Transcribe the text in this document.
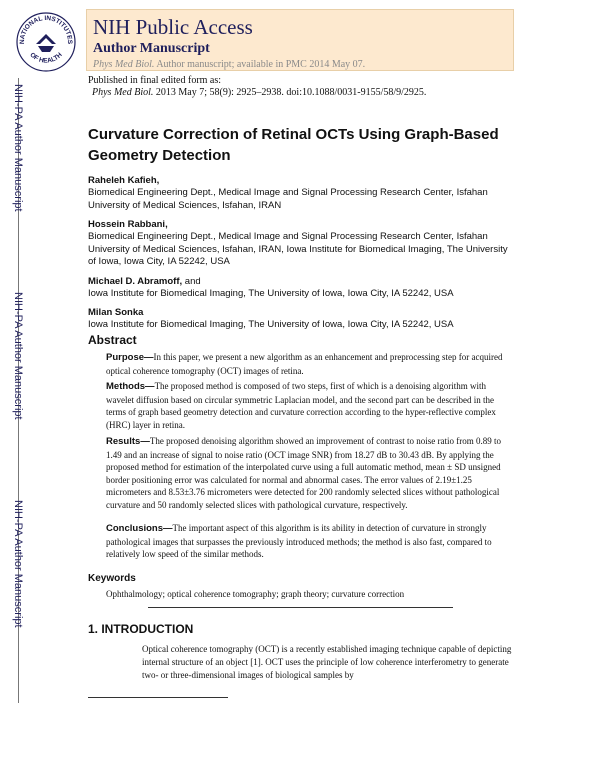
NATIONAL INSTITUTES
OF HEALTH
NIH Public Access
Author Manuscript
Phys Med Biol. Author manuscript; available in PMC 2014 May 07.
NIH-PA Author Manuscript
NIH-PA Author Manuscript
NIH-PA Author Manuscript
Published in final edited form as:
Phys Med Biol. 2013 May 7; 58(9): 2925–2938. doi:10.1088/0031-9155/58/9/2925.
Curvature Correction of Retinal OCTs Using Graph-Based Geometry Detection
Raheleh Kafieh,
Biomedical Engineering Dept., Medical Image and Signal Processing Research Center, Isfahan University of Medical Sciences, Isfahan, IRAN
Hossein Rabbani,
Biomedical Engineering Dept., Medical Image and Signal Processing Research Center, Isfahan University of Medical Sciences, Isfahan, IRAN, Iowa Institute for Biomedical Imaging, The University of Iowa, Iowa City, IA 52242, USA
Michael D. Abramoff, and
Iowa Institute for Biomedical Imaging, The University of Iowa, Iowa City, IA 52242, USA
Milan Sonka
Iowa Institute for Biomedical Imaging, The University of Iowa, Iowa City, IA 52242, USA
Abstract
Purpose—In this paper, we present a new algorithm as an enhancement and preprocessing step for acquired optical coherence tomography (OCT) images of retina.
Methods—The proposed method is composed of two steps, first of which is a denoising algorithm with wavelet diffusion based on circular symmetric Laplacian model, and the second part can be described in the terms of graph based geometry detection and curvature correction according to the hyper-reflective complex (HRC) layer in retina.
Results—The proposed denoising algorithm showed an improvement of contrast to noise ratio from 0.89 to 1.49 and an increase of signal to noise ratio (OCT image SNR) from 18.27 dB to 30.43 dB. By applying the proposed method for estimation of the interpolated curve using a full automatic method, mean ± SD unsigned border positioning error was calculated for normal and abnormal cases. The error values of 2.19±1.25 micrometers and 8.53±3.76 micrometers were detected for 200 randomly selected slices without pathological curvature and 50 randomly selected slices with pathological curvature, respectively.
Conclusions—The important aspect of this algorithm is its ability in detection of curvature in strongly pathological images that surpasses the previously introduced methods; the method is also fast, compared to relatively low speed of the similar methods.
Keywords
Ophthalmology; optical coherence tomography; graph theory; curvature correction
1. INTRODUCTION
Optical coherence tomography (OCT) is a recently established imaging technique capable of depicting internal structure of an object [1]. OCT uses the principle of low coherence interferometry to generate two- or three-dimensional images of biological samples by
